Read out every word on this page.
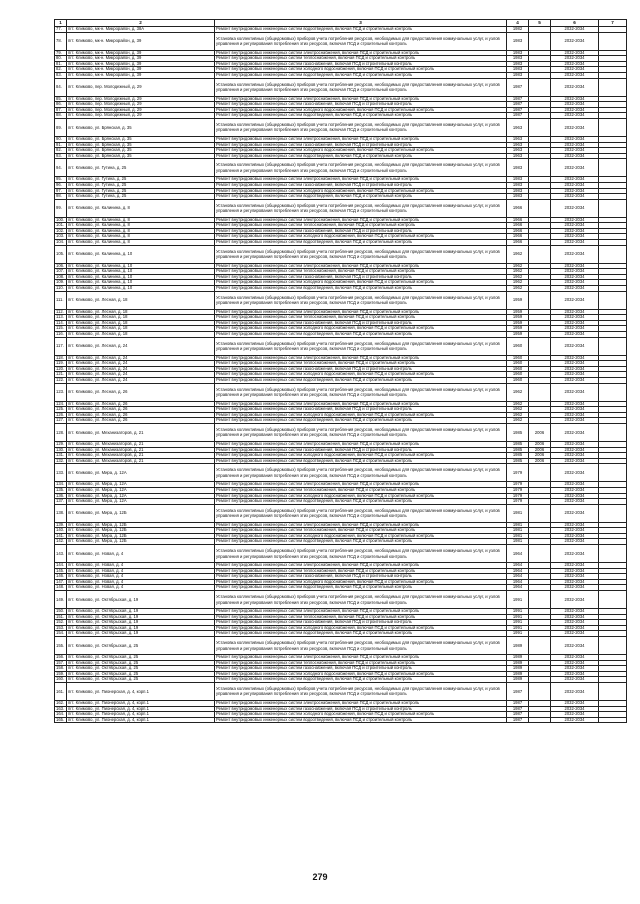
1	2	3	4	5	6	7
77.	пгт. Климово, мк-н. Микрорайон, д. 38А	Ремонт внутридомовых инженерных систем водоотведения, включая ПСД и строительный контроль	1982		2032-2034	
78.	пгт. Климово, мк-н. Микрорайон, д. 39	Установка коллективных (общедомовых) приборов учета потребления ресурсов, необходимых для предоставления коммунальных услуг, и узлов управления и регулирования потребления этих ресурсов, включая ПСД и строительный контроль	1983		2032-2034	
79.	пгт. Климово, мк-н. Микрорайон, д. 39	Ремонт внутридомовых инженерных систем электроснабжения, включая ПСД и строительный контроль	1983		2032-2034	
80.	пгт. Климово, мк-н. Микрорайон, д. 39	Ремонт внутридомовых инженерных систем теплоснабжения, включая ПСД и строительный контроль	1983		2032-2034	
81.	пгт. Климово, мк-н. Микрорайон, д. 39	Ремонт внутридомовых инженерных систем газоснабжения, включая ПСД и строительный контроль	1983		2032-2034	
82.	пгт. Климово, мк-н. Микрорайон, д. 39	Ремонт внутридомовых инженерных систем холодного водоснабжения, включая ПСД и строительный контроль	1983		2032-2034	
83.	пгт. Климово, мк-н. Микрорайон, д. 39	Ремонт внутридомовых инженерных систем водоотведения, включая ПСД и строительный контроль	1983		2032-2034	
84.	пгт. Климово, пер. Молодежный, д. 29	Установка коллективных (общедомовых) приборов учета потребления ресурсов, необходимых для предоставления коммунальных услуг, и узлов управления и регулирования потребления этих ресурсов, включая ПСД и строительный контроль	1987		2032-2034	
85.	пгт. Климово, пер. Молодежный, д. 29	Ремонт внутридомовых инженерных систем электроснабжения, включая ПСД и строительный контроль	1987		2032-2034	
86.	пгт. Климово, пер. Молодежный, д. 29	Ремонт внутридомовых инженерных систем газоснабжения, включая ПСД и строительный контроль	1987		2032-2034	
87.	пгт. Климово, пер. Молодежный, д. 29	Ремонт внутридомовых инженерных систем холодного водоснабжения, включая ПСД и строительный контроль	1987		2032-2034	
88.	пгт. Климово, пер. Молодежный, д. 29	Ремонт внутридомовых инженерных систем водоотведения, включая ПСД и строительный контроль	1987		2032-2034	
89.	пгт. Климово, ул. Брянская, д. 35	Установка коллективных (общедомовых) приборов учета потребления ресурсов, необходимых для предоставления коммунальных услуг, и узлов управления и регулирования потребления этих ресурсов, включая ПСД и строительный контроль	1963		2032-2034	
90.	пгт. Климово, ул. Брянская, д. 35	Ремонт внутридомовых инженерных систем электроснабжения, включая ПСД и строительный контроль	1963		2032-2034	
91.	пгт. Климово, ул. Брянская, д. 35	Ремонт внутридомовых инженерных систем газоснабжения, включая ПСД и строительный контроль	1963		2032-2034	
92.	пгт. Климово, ул. Брянская, д. 35	Ремонт внутридомовых инженерных систем холодного водоснабжения, включая ПСД и строительный контроль	1963		2032-2034	
93.	пгт. Климово, ул. Брянская, д. 35	Ремонт внутридомовых инженерных систем водоотведения, включая ПСД и строительный контроль	1963		2032-2034	
94.	пгт. Климово, ул. Гутина, д. 25	Установка коллективных (общедомовых) приборов учета потребления ресурсов, необходимых для предоставления коммунальных услуг, и узлов управления и регулирования потребления этих ресурсов, включая ПСД и строительный контроль	1983		2032-2034	
95.	пгт. Климово, ул. Гутина, д. 25	Ремонт внутридомовых инженерных систем электроснабжения, включая ПСД и строительный контроль	1983		2032-2034	
96.	пгт. Климово, ул. Гутина, д. 25	Ремонт внутридомовых инженерных систем газоснабжения, включая ПСД и строительный контроль	1983		2032-2034	
97.	пгт. Климово, ул. Гутина, д. 25	Ремонт внутридомовых инженерных систем холодного водоснабжения, включая ПСД и строительный контроль	1983		2032-2034	
98.	пгт. Климово, ул. Гутина, д. 25	Ремонт внутридомовых инженерных систем водоотведения, включая ПСД и строительный контроль	1983		2032-2034	
99.	пгт. Климово, ул. Калинина, д. 8	Установка коллективных (общедомовых) приборов учета потребления ресурсов, необходимых для предоставления коммунальных услуг, и узлов управления и регулирования потребления этих ресурсов, включая ПСД и строительный контроль	1966		2032-2034	
100.	пгт. Климово, ул. Калинина, д. 8	Ремонт внутридомовых инженерных систем электроснабжения, включая ПСД и строительный контроль	1966		2032-2034	
101.	пгт. Климово, ул. Калинина, д. 8	Ремонт внутридомовых инженерных систем теплоснабжения, включая ПСД и строительный контроль	1966		2032-2034	
102.	пгт. Климово, ул. Калинина, д. 8	Ремонт внутридомовых инженерных систем газоснабжения, включая ПСД и строительный контроль	1966		2032-2034	
103.	пгт. Климово, ул. Калинина, д. 8	Ремонт внутридомовых инженерных систем холодного водоснабжения, включая ПСД и строительный контроль	1966		2032-2034	
104.	пгт. Климово, ул. Калинина, д. 8	Ремонт внутридомовых инженерных систем водоотведения, включая ПСД и строительный контроль	1966		2032-2034	
105.	пгт. Климово, ул. Калинина, д. 10	Установка коллективных (общедомовых) приборов учета потребления ресурсов, необходимых для предоставления коммунальных услуг, и узлов управления и регулирования потребления этих ресурсов, включая ПСД и строительный контроль	1962		2032-2034	
106.	пгт. Климово, ул. Калинина, д. 10	Ремонт внутридомовых инженерных систем электроснабжения, включая ПСД и строительный контроль	1962		2032-2034	
107.	пгт. Климово, ул. Калинина, д. 10	Ремонт внутридомовых инженерных систем теплоснабжения, включая ПСД и строительный контроль	1962		2032-2034	
108.	пгт. Климово, ул. Калинина, д. 10	Ремонт внутридомовых инженерных систем газоснабжения, включая ПСД и строительный контроль	1962		2032-2034	
109.	пгт. Климово, ул. Калинина, д. 10	Ремонт внутридомовых инженерных систем холодного водоснабжения, включая ПСД и строительный контроль	1962		2032-2034	
110.	пгт. Климово, ул. Калинина, д. 10	Ремонт внутридомовых инженерных систем водоотведения, включая ПСД и строительный контроль	1962		2032-2034	
111.	пгт. Климово, ул. Лесная, д. 18	Установка коллективных (общедомовых) приборов учета потребления ресурсов, необходимых для предоставления коммунальных услуг, и узлов управления и регулирования потребления этих ресурсов, включая ПСД и строительный контроль	1959		2032-2034	
112.	пгт. Климово, ул. Лесная, д. 18	Ремонт внутридомовых инженерных систем электроснабжения, включая ПСД и строительный контроль	1959		2032-2034	
113.	пгт. Климово, ул. Лесная, д. 18	Ремонт внутридомовых инженерных систем теплоснабжения, включая ПСД и строительный контроль	1959		2032-2034	
114.	пгт. Климово, ул. Лесная, д. 18	Ремонт внутридомовых инженерных систем газоснабжения, включая ПСД и строительный контроль	1959		2032-2034	
115.	пгт. Климово, ул. Лесная, д. 18	Ремонт внутридомовых инженерных систем холодного водоснабжения, включая ПСД и строительный контроль	1959		2032-2034	
116.	пгт. Климово, ул. Лесная, д. 18	Ремонт внутридомовых инженерных систем водоотведения, включая ПСД и строительный контроль	1959		2032-2034	
117.	пгт. Климово, ул. Лесная, д. 24	Установка коллективных (общедомовых) приборов учета потребления ресурсов, необходимых для предоставления коммунальных услуг, и узлов управления и регулирования потребления этих ресурсов, включая ПСД и строительный контроль	1960		2032-2034	
118.	пгт. Климово, ул. Лесная, д. 24	Ремонт внутридомовых инженерных систем электроснабжения, включая ПСД и строительный контроль	1960		2032-2034	
119.	пгт. Климово, ул. Лесная, д. 24	Ремонт внутридомовых инженерных систем теплоснабжения, включая ПСД и строительный контроль	1960		2032-2034	
120.	пгт. Климово, ул. Лесная, д. 24	Ремонт внутридомовых инженерных систем газоснабжения, включая ПСД и строительный контроль	1960		2032-2034	
121.	пгт. Климово, ул. Лесная, д. 24	Ремонт внутридомовых инженерных систем холодного водоснабжения, включая ПСД и строительный контроль	1960		2032-2034	
122.	пгт. Климово, ул. Лесная, д. 24	Ремонт внутридомовых инженерных систем водоотведения, включая ПСД и строительный контроль	1960		2032-2034	
123.	пгт. Климово, ул. Лесная, д. 26	Установка коллективных (общедомовых) приборов учета потребления ресурсов, необходимых для предоставления коммунальных услуг, и узлов управления и регулирования потребления этих ресурсов, включая ПСД и строительный контроль	1962		2032-2034	
124.	пгт. Климово, ул. Лесная, д. 26	Ремонт внутридомовых инженерных систем электроснабжения, включая ПСД и строительный контроль	1962		2032-2034	
125.	пгт. Климово, ул. Лесная, д. 26	Ремонт внутридомовых инженерных систем газоснабжения, включая ПСД и строительный контроль	1962		2032-2034	
126.	пгт. Климово, ул. Лесная, д. 26	Ремонт внутридомовых инженерных систем холодного водоснабжения, включая ПСД и строительный контроль	1962		2032-2034	
127.	пгт. Климово, ул. Лесная, д. 26	Ремонт внутридомовых инженерных систем водоотведения, включая ПСД и строительный контроль	1962		2032-2034	
128.	пгт. Климово, ул. Механизаторов, д. 21	Установка коллективных (общедомовых) приборов учета потребления ресурсов, необходимых для предоставления коммунальных услуг, и узлов управления и регулирования потребления этих ресурсов, включая ПСД и строительный контроль	1985	2006	2032-2034	
129.	пгт. Климово, ул. Механизаторов, д. 21	Ремонт внутридомовых инженерных систем электроснабжения, включая ПСД и строительный контроль	1985	2006	2032-2034	
130.	пгт. Климово, ул. Механизаторов, д. 21	Ремонт внутридомовых инженерных систем газоснабжения, включая ПСД и строительный контроль	1985	2006	2032-2034	
131.	пгт. Климово, ул. Механизаторов, д. 21	Ремонт внутридомовых инженерных систем холодного водоснабжения, включая ПСД и строительный контроль	1985	2006	2032-2034	
132.	пгт. Климово, ул. Механизаторов, д. 21	Ремонт внутридомовых инженерных систем водоотведения, включая ПСД и строительный контроль	1985	2006	2032-2034	
133.	пгт. Климово, ул. Мира, д. 12А	Установка коллективных (общедомовых) приборов учета потребления ресурсов, необходимых для предоставления коммунальных услуг, и узлов управления и регулирования потребления этих ресурсов, включая ПСД и строительный контроль	1979		2032-2034	
134.	пгт. Климово, ул. Мира, д. 12А	Ремонт внутридомовых инженерных систем электроснабжения, включая ПСД и строительный контроль	1979		2032-2034	
135.	пгт. Климово, ул. Мира, д. 12А	Ремонт внутридомовых инженерных систем теплоснабжения, включая ПСД и строительный контроль	1979		2032-2034	
136.	пгт. Климово, ул. Мира, д. 12А	Ремонт внутридомовых инженерных систем холодного водоснабжения, включая ПСД и строительный контроль	1979		2032-2034	
137.	пгт. Климово, ул. Мира, д. 12А	Ремонт внутридомовых инженерных систем водоотведения, включая ПСД и строительный контроль	1979		2032-2034	
138.	пгт. Климово, ул. Мира, д. 12Б	Установка коллективных (общедомовых) приборов учета потребления ресурсов, необходимых для предоставления коммунальных услуг, и узлов управления и регулирования потребления этих ресурсов, включая ПСД и строительный контроль	1981		2032-2034	
139.	пгт. Климово, ул. Мира, д. 12Б	Ремонт внутридомовых инженерных систем электроснабжения, включая ПСД и строительный контроль	1981		2032-2034	
140.	пгт. Климово, ул. Мира, д. 12Б	Ремонт внутридомовых инженерных систем теплоснабжения, включая ПСД и строительный контроль	1981		2032-2034	
141.	пгт. Климово, ул. Мира, д. 12Б	Ремонт внутридомовых инженерных систем холодного водоснабжения, включая ПСД и строительный контроль	1981		2032-2034	
142.	пгт. Климово, ул. Мира, д. 12Б	Ремонт внутридомовых инженерных систем водоотведения, включая ПСД и строительный контроль	1981		2032-2034	
143.	пгт. Климово, ул. Новая, д. 4	Установка коллективных (общедомовых) приборов учета потребления ресурсов, необходимых для предоставления коммунальных услуг, и узлов управления и регулирования потребления этих ресурсов, включая ПСД и строительный контроль	1964		2032-2034	
144.	пгт. Климово, ул. Новая, д. 4	Ремонт внутридомовых инженерных систем электроснабжения, включая ПСД и строительный контроль	1964		2032-2034	
145.	пгт. Климово, ул. Новая, д. 4	Ремонт внутридомовых инженерных систем теплоснабжения, включая ПСД и строительный контроль	1964		2032-2034	
146.	пгт. Климово, ул. Новая, д. 4	Ремонт внутридомовых инженерных систем газоснабжения, включая ПСД и строительный контроль	1964		2032-2034	
147.	пгт. Климово, ул. Новая, д. 4	Ремонт внутридомовых инженерных систем холодного водоснабжения, включая ПСД и строительный контроль	1964		2032-2034	
148.	пгт. Климово, ул. Новая, д. 4	Ремонт внутридомовых инженерных систем водоотведения, включая ПСД и строительный контроль	1964		2032-2034	
149.	пгт. Климово, ул. Октябрьская, д. 19	Установка коллективных (общедомовых) приборов учета потребления ресурсов, необходимых для предоставления коммунальных услуг, и узлов управления и регулирования потребления этих ресурсов, включая ПСД и строительный контроль	1991		2032-2034	
150.	пгт. Климово, ул. Октябрьская, д. 19	Ремонт внутридомовых инженерных систем электроснабжения, включая ПСД и строительный контроль	1991		2032-2034	
151.	пгт. Климово, ул. Октябрьская, д. 19	Ремонт внутридомовых инженерных систем теплоснабжения, включая ПСД и строительный контроль	1991		2032-2034	
152.	пгт. Климово, ул. Октябрьская, д. 19	Ремонт внутридомовых инженерных систем газоснабжения, включая ПСД и строительный контроль	1991		2032-2034	
153.	пгт. Климово, ул. Октябрьская, д. 19	Ремонт внутридомовых инженерных систем холодного водоснабжения, включая ПСД и строительный контроль	1991		2032-2034	
154.	пгт. Климово, ул. Октябрьская, д. 19	Ремонт внутридомовых инженерных систем водоотведения, включая ПСД и строительный контроль	1991		2032-2034	
155.	пгт. Климово, ул. Октябрьская, д. 25	Установка коллективных (общедомовых) приборов учета потребления ресурсов, необходимых для предоставления коммунальных услуг, и узлов управления и регулирования потребления этих ресурсов, включая ПСД и строительный контроль	1989		2032-2034	
156.	пгт. Климово, ул. Октябрьская, д. 25	Ремонт внутридомовых инженерных систем электроснабжения, включая ПСД и строительный контроль	1989		2032-2034	
157.	пгт. Климово, ул. Октябрьская, д. 25	Ремонт внутридомовых инженерных систем теплоснабжения, включая ПСД и строительный контроль	1989		2032-2034	
158.	пгт. Климово, ул. Октябрьская, д. 25	Ремонт внутридомовых инженерных систем газоснабжения, включая ПСД и строительный контроль	1989		2032-2034	
159.	пгт. Климово, ул. Октябрьская, д. 25	Ремонт внутридомовых инженерных систем холодного водоснабжения, включая ПСД и строительный контроль	1989		2032-2034	
160.	пгт. Климово, ул. Октябрьская, д. 25	Ремонт внутридомовых инженерных систем водоотведения, включая ПСД и строительный контроль	1989		2032-2034	
161.	пгт. Климово, ул. Пионерская, д. 4, корп.1	Установка коллективных (общедомовых) приборов учета потребления ресурсов, необходимых для предоставления коммунальных услуг, и узлов управления и регулирования потребления этих ресурсов, включая ПСД и строительный контроль	1987		2032-2034	
162.	пгт. Климово, ул. Пионерская, д. 4, корп.1	Ремонт внутридомовых инженерных систем электроснабжения, включая ПСД и строительный контроль	1987		2032-2034	
163.	пгт. Климово, ул. Пионерская, д. 4, корп.1	Ремонт внутридомовых инженерных систем газоснабжения, включая ПСД и строительный контроль	1987		2032-2034	
164.	пгт. Климово, ул. Пионерская, д. 4, корп.1	Ремонт внутридомовых инженерных систем холодного водоснабжения, включая ПСД и строительный контроль	1987		2032-2034	
165.	пгт. Климово, ул. Пионерская, д. 4, корп.1	Ремонт внутридомовых инженерных систем водоотведения, включая ПСД и строительный контроль	1987		2032-2034	
279
